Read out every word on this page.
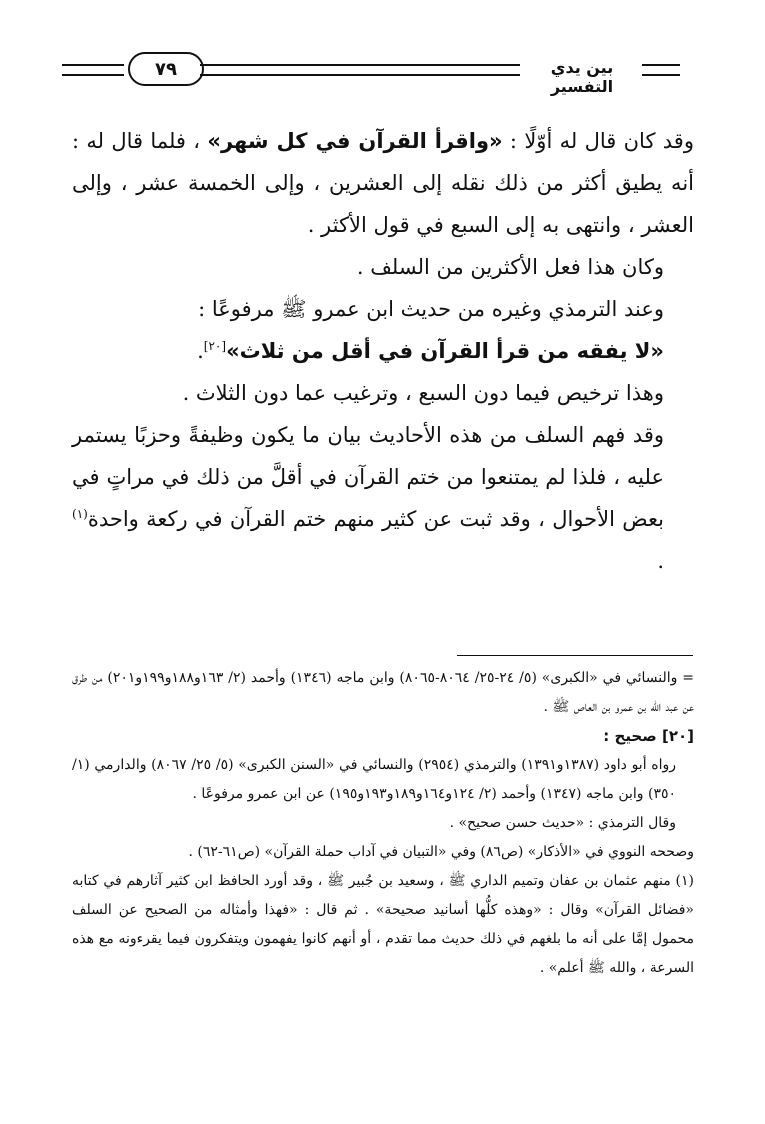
٧٩	بين يدي التفسير

وقد كان قال له أوّلًا : «واقرأ القرآن في كل شهر» ، فلما قال له : أنه يطيق أكثر من ذلك نقله إلى العشرين ، وإلى الخمسة عشر ، وإلى العشر ، وانتهى به إلى السبع في قول الأكثر .

وكان هذا فعل الأكثرين من السلف .

وعند الترمذي وغيره من حديث ابن عمرو ﷺ مرفوعًا :

«لا يفقه من قرأ القرآن في أقل من ثلاث»[٢٠].

وهذا ترخيص فيما دون السبع ، وترغيب عما دون الثلاث .

وقد فهم السلف من هذه الأحاديث بيان ما يكون وظيفةً وحزبًا يستمر عليه ، فلذا لم يمتنعوا من ختم القرآن في أقلَّ من ذلك في مراتٍ في بعض الأحوال ، وقد ثبت عن كثير منهم ختم القرآن في ركعة واحدة$^{(١)}$ .

= والنسائي في «الكبرى» (٥/ ٢٤-٢٥/ ٨٠٦٤-٨٠٦٥) وابن ماجه (١٣٤٦) وأحمد (٢/ ١٦٣و١٨٨و١٩٩و٢٠١) من طرق عن عبد الله بن عمرو بن العاص ﷺ .

[٢٠] صحيح :

رواه أبو داود (١٣٨٧و١٣٩١) والترمذي (٢٩٥٤) والنسائي في «السنن الكبرى» (٥/ ٢٥/ ٨٠٦٧) والدارمي (١/ ٣٥٠) وابن ماجه (١٣٤٧) وأحمد (٢/ ١٢٤و١٦٤و١٨٩و١٩٣و١٩٥) عن ابن عمرو مرفوعًا .

وقال الترمذي : «حديث حسن صحيح» .

وصححه النووي في «الأذكار» (ص٨٦) وفي «التبيان في آداب حملة القرآن» (ص٦١-٦٢) .

(١) منهم عثمان بن عفان وتميم الداري ﷺ ، وسعيد بن جُبير ﷺ ، وقد أورد الحافظ ابن كثير آثارهم في كتابه «فضائل القرآن» وقال : «وهذه كلُّها أسانيد صحيحة» . ثم قال : «فهذا وأمثاله من الصحيح عن السلف محمول إمَّا على أنه ما بلغهم في ذلك حديث مما تقدم ، أو أنهم كانوا يفهمون ويتفكرون فيما يقرءونه مع هذه السرعة ، والله ﷺ أعلم» .
